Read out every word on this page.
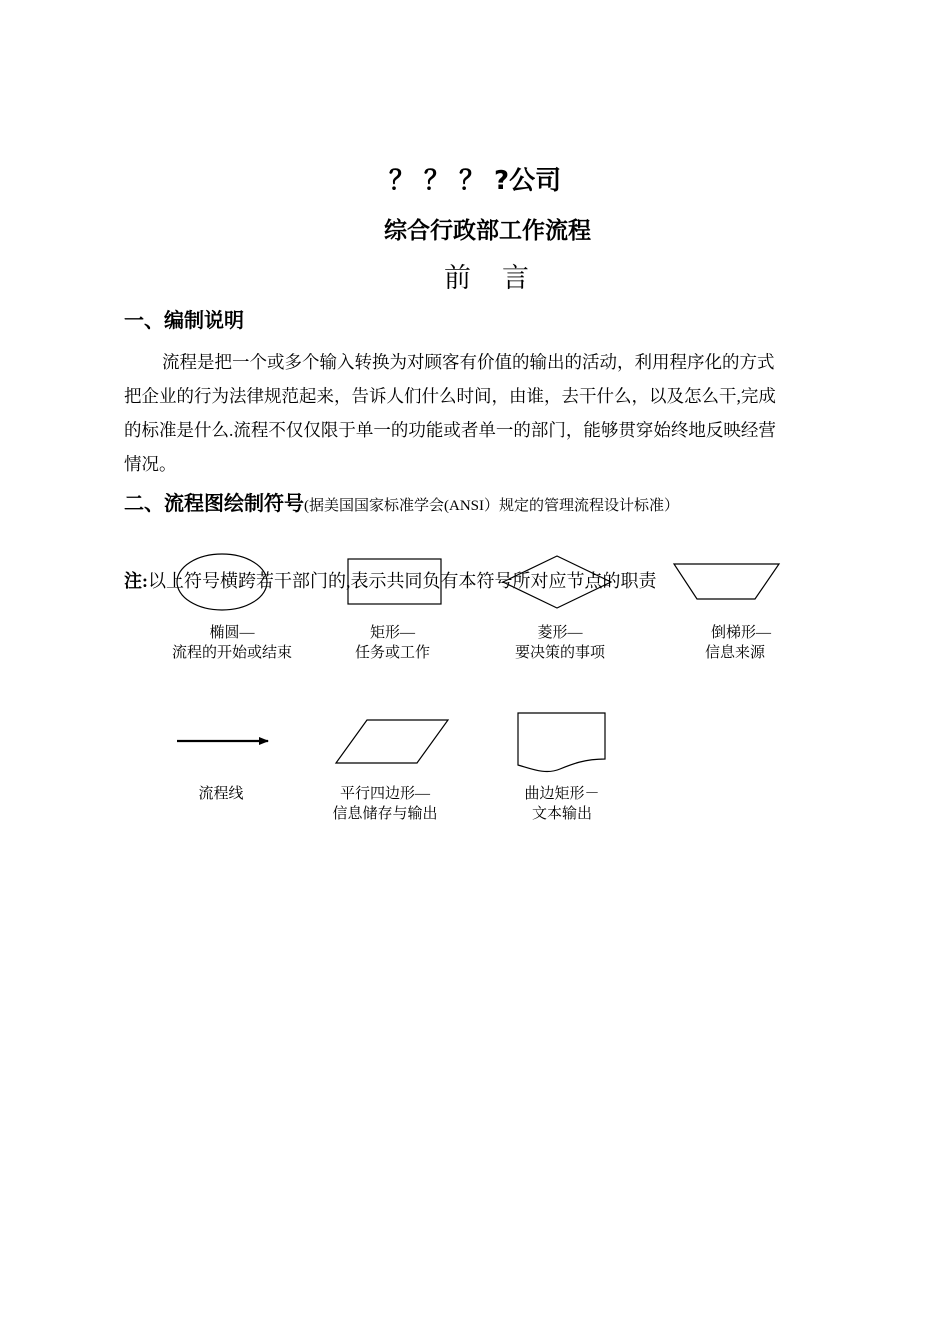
？ ？ ？ ?公司
综合行政部工作流程
前　言
一、编制说明
流程是把一个或多个输入转换为对顾客有价值的输出的活动，利用程序化的方式
把企业的行为法律规范起来，告诉人们什么时间，由谁，去干什么，以及怎么干,完成
的标准是什么.流程不仅仅限于单一的功能或者单一的部门，能够贯穿始终地反映经营
情况。
二、流程图绘制符号(据美国国家标准学会(ANSI）规定的管理流程设计标准）
注:以上符号横跨若干部门的,表示共同负有本符号所对应节点的职责
椭圆—
流程的开始或结束
矩形—
任务或工作
菱形—
要决策的事项
倒梯形—
信息来源
流程线	平行四边形—
信息储存与输出
曲边矩形－
文本输出
